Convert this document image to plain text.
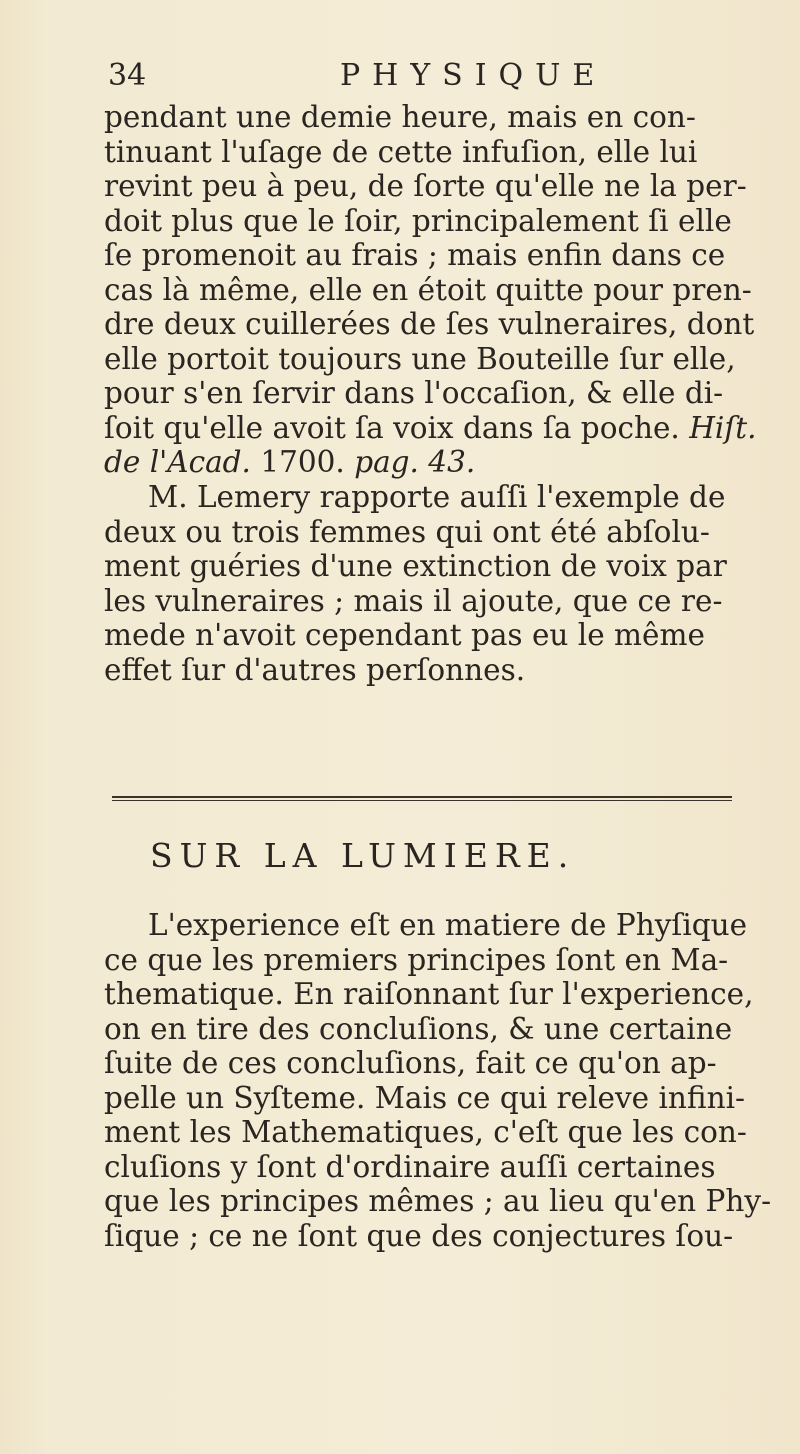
34	PHYSIQUE
pendant une demie heure, mais en con-
tinuant l'uſage de cette infuſion, elle lui
revint peu à peu, de ſorte qu'elle ne la per-
doit plus que le ſoir, principalement ſi elle
ſe promenoit au frais ; mais enfin dans ce
cas là même, elle en étoit quitte pour pren-
dre deux cuillerées de ſes vulneraires, dont
elle portoit toujours une Bouteille ſur elle,
pour s'en ſervir dans l'occaſion, & elle di-
ſoit qu'elle avoit ſa voix dans ſa poche. Hiſt.
de l'Acad. 1700. pag. 43.
M. Lemery rapporte auſſi l'exemple de
deux ou trois femmes qui ont été abſolu-
ment guéries d'une extinction de voix par
les vulneraires ; mais il ajoute, que ce re-
mede n'avoit cependant pas eu le même
effet ſur d'autres perſonnes.
SUR LA LUMIERE.
L'experience eſt en matiere de Phyſique
ce que les premiers principes ſont en Ma-
thematique. En raiſonnant ſur l'experience,
on en tire des concluſions, & une certaine
ſuite de ces concluſions, fait ce qu'on ap-
pelle un Syſteme. Mais ce qui releve infini-
ment les Mathematiques, c'eſt que les con-
cluſions y ſont d'ordinaire auſſi certaines
que les principes mêmes ; au lieu qu'en Phy-
ſique ; ce ne ſont que des conjectures ſou-
